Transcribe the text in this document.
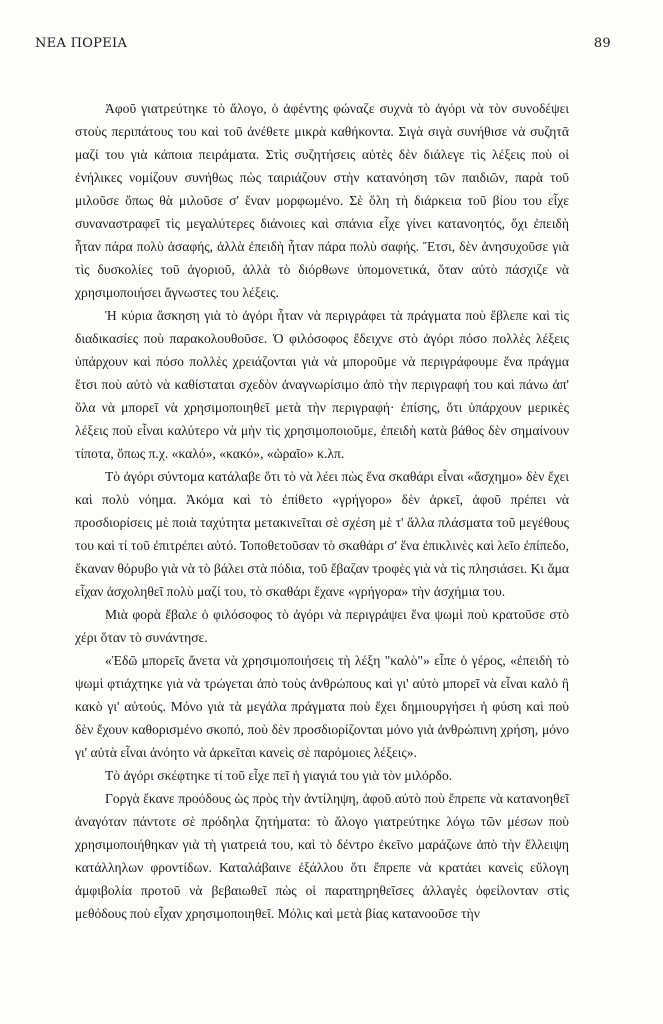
ΝΕΑ ΠΟΡΕΙΑ	89

Ἀφοῦ γιατρεύτηκε τὸ ἄλογο, ὁ ἀφέντης φώναζε συχνὰ τὸ ἀγόρι νὰ τὸν συνοδέψει στοὺς περιπάτους του καὶ τοῦ ἀνέθετε μικρὰ καθήκοντα. Σιγὰ σιγὰ συνήθισε νὰ συζητᾶ μαζί του γιὰ κάποια πειράματα. Στὶς συζητήσεις αὐτὲς δὲν διάλεγε τὶς λέξεις ποὺ οἱ ἐνήλικες νομίζουν συνήθως πὼς ταιριάζουν στὴν κατανόηση τῶν παιδιῶν, παρὰ τοῦ μιλοῦσε ὅπως θὰ μιλοῦσε σ' ἕναν μορφωμένο. Σὲ ὅλη τὴ διάρκεια τοῦ βίου του εἶχε συναναστραφεῖ τὶς μεγαλύτερες διάνοιες καὶ σπάνια εἶχε γίνει κατανοητός, ὄχι ἐπειδὴ ἦταν πάρα πολὺ ἀσαφής, ἀλλὰ ἐπειδὴ ἦταν πάρα πολὺ σαφής. Ἔτσι, δὲν ἀνησυχοῦσε γιὰ τὶς δυσκολίες τοῦ ἀγοριοῦ, ἀλλὰ τὸ διόρθωνε ὑπομονετικά, ὅταν αὐτὸ πάσχιζε νὰ χρησιμοποιήσει ἄγνωστες του λέξεις.

Ἡ κύρια ἄσκηση γιὰ τὸ ἀγόρι ἦταν νὰ περιγράφει τὰ πράγματα ποὺ ἔβλεπε καὶ τὶς διαδικασίες ποὺ παρακολουθοῦσε. Ὁ φιλόσοφος ἔδειχνε στὸ ἀγόρι πόσο πολλὲς λέξεις ὑπάρχουν καὶ πόσο πολλὲς χρειάζονται γιὰ νὰ μποροῦμε νὰ περιγράφουμε ἕνα πράγμα ἔτσι ποὺ αὐτὸ νὰ καθίσταται σχεδὸν ἀναγνωρίσιμο ἀπὸ τὴν περιγραφή του καὶ πάνω ἀπ' ὅλα νὰ μπορεῖ νὰ χρησιμοποιηθεῖ μετὰ τὴν περιγραφή· ἐπίσης, ὅτι ὑπάρχουν μερικὲς λέξεις ποὺ εἶναι καλύτερο νὰ μὴν τὶς χρησιμοποιοῦμε, ἐπειδὴ κατὰ βάθος δὲν σημαίνουν τίποτα, ὅπως π.χ. «καλό», «κακό», «ὡραῖο» κ.λπ.

Τὸ ἀγόρι σύντομα κατάλαβε ὅτι τὸ νὰ λέει πὼς ἕνα σκαθάρι εἶναι «ἄσχημο» δὲν ἔχει καὶ πολὺ νόημα. Ἀκόμα καὶ τὸ ἐπίθετο «γρήγορο» δὲν ἀρκεῖ, ἀφοῦ πρέπει νὰ προσδιορίσεις μὲ ποιὰ ταχύτητα μετακινεῖται σὲ σχέση μὲ τ' ἄλλα πλάσματα τοῦ μεγέθους του καὶ τί τοῦ ἐπιτρέπει αὐτό. Τοποθετοῦσαν τὸ σκαθάρι σ' ἕνα ἐπικλινὲς καὶ λεῖο ἐπίπεδο, ἔκαναν θόρυβο γιὰ νὰ τὸ βάλει στὰ πόδια, τοῦ ἔβαζαν τροφὲς γιὰ νὰ τὶς πλησιάσει. Κι ἅμα εἶχαν ἀσχοληθεῖ πολὺ μαζί του, τὸ σκαθάρι ἔχανε «γρήγορα» τὴν ἀσχήμια του.

Μιὰ φορὰ ἔβαλε ὁ φιλόσοφος τὸ ἀγόρι νὰ περιγράψει ἕνα ψωμὶ ποὺ κρατοῦσε στὸ χέρι ὅταν τὸ συνάντησε.

«Ἐδῶ μπορεῖς ἄνετα νὰ χρησιμοποιήσεις τὴ λέξη "καλὸ"» εἶπε ὁ γέρος, «ἐπειδὴ τὸ ψωμὶ φτιάχτηκε γιὰ νὰ τρώγεται ἀπὸ τοὺς ἀνθρώπους καὶ γι' αὐτὸ μπορεῖ νὰ εἶναι καλὸ ἢ κακὸ γι' αὐτούς. Μόνο γιὰ τὰ μεγάλα πράγματα ποὺ ἔχει δημιουργήσει ἡ φύση καὶ ποὺ δὲν ἔχουν καθορισμένο σκοπό, ποὺ δὲν προσδιορίζονται μόνο γιὰ ἀνθρώπινη χρήση, μόνο γι' αὐτὰ εἶναι ἀνόητο νὰ ἀρκεῖται κανεὶς σὲ παρόμοιες λέξεις».

Τὸ ἀγόρι σκέφτηκε τί τοῦ εἶχε πεῖ ἡ γιαγιά του γιὰ τὸν μιλόρδο.

Γοργὰ ἔκανε προόδους ὡς πρὸς τὴν ἀντίληψη, ἀφοῦ αὐτὸ ποὺ ἔπρεπε νὰ κατανοηθεῖ ἀναγόταν πάντοτε σὲ πρόδηλα ζητήματα: τὸ ἄλογο γιατρεύτηκε λόγω τῶν μέσων ποὺ χρησιμοποιήθηκαν γιὰ τὴ γιατρειά του, καὶ τὸ δέντρο ἐκεῖνο μαράζωνε ἀπὸ τὴν ἔλλειψη κατάλληλων φροντίδων. Καταλάβαινε ἐξάλλου ὅτι ἔπρεπε νὰ κρατάει κανεὶς εὔλογη ἀμφιβολία προτοῦ νὰ βεβαιωθεῖ πὼς οἱ παρατηρηθεῖσες ἀλλαγὲς ὀφείλονταν στὶς μεθόδους ποὺ εἶχαν χρησιμοποιηθεῖ. Μόλις καὶ μετὰ βίας κατανοοῦσε τὴν
